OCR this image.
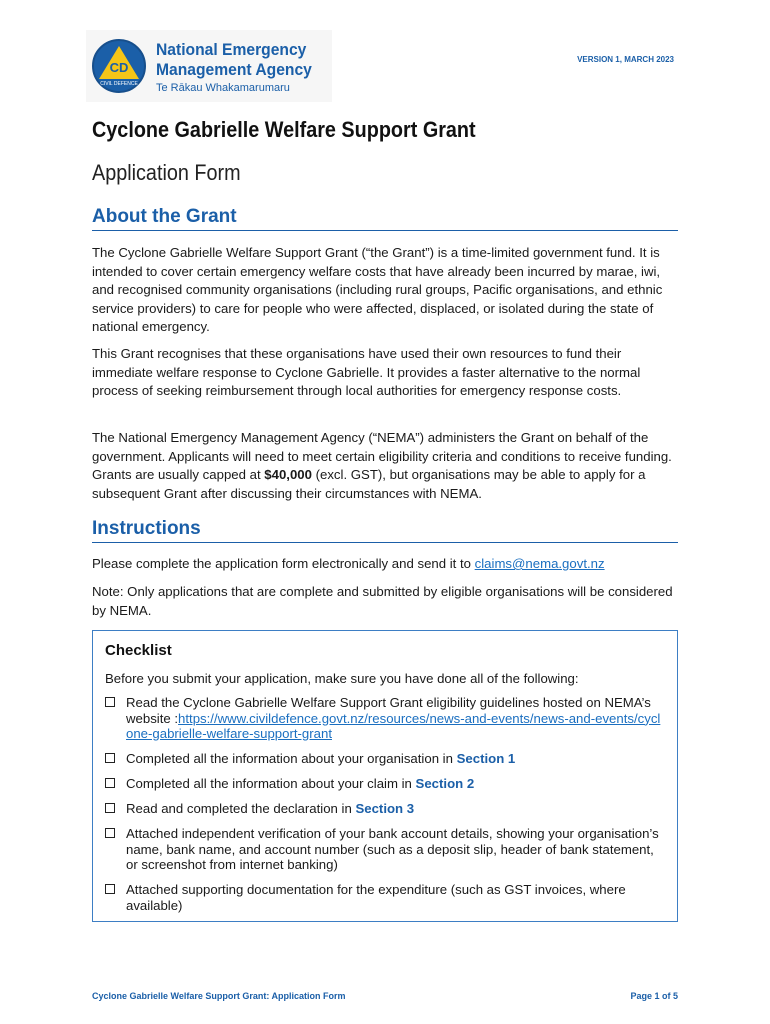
CD
CIVIL DEFENCE
National Emergency
Management Agency
Te Rākau Whakamarumaru
VERSION 1, MARCH 2023
Cyclone Gabrielle Welfare Support Grant
Application Form
About the Grant

The Cyclone Gabrielle Welfare Support Grant (“the Grant”) is a time-limited government fund. It is intended to cover certain emergency welfare costs that have already been incurred by marae, iwi, and recognised community organisations (including rural groups, Pacific organisations, and ethnic service providers) to care for people who were affected, displaced, or isolated during the state of national emergency.

This Grant recognises that these organisations have used their own resources to fund their immediate welfare response to Cyclone Gabrielle. It provides a faster alternative to the normal process of seeking reimbursement through local authorities for emergency response costs.

The National Emergency Management Agency (“NEMA”) administers the Grant on behalf of the government. Applicants will need to meet certain eligibility criteria and conditions to receive funding. Grants are usually capped at $40,000 (excl. GST), but organisations may be able to apply for a subsequent Grant after discussing their circumstances with NEMA.

Instructions

Please complete the application form electronically and send it to claims@nema.govt.nz

Note: Only applications that are complete and submitted by eligible organisations will be considered by NEMA.

Checklist
Before you submit your application, make sure you have done all of the following:
Read the Cyclone Gabrielle Welfare Support Grant eligibility guidelines hosted on NEMA’s website :https://www.civildefence.govt.nz/resources/news-and-events/news-and-events/cyclone-gabrielle-welfare-support-grant
Completed all the information about your organisation in Section 1
Completed all the information about your claim in Section 2
Read and completed the declaration in Section 3
Attached independent verification of your bank account details, showing your organisation’s name, bank name, and account number (such as a deposit slip, header of bank statement, or screenshot from internet banking)
Attached supporting documentation for the expenditure (such as GST invoices, where available)
Cyclone Gabrielle Welfare Support Grant: Application Form	Page 1 of 5
